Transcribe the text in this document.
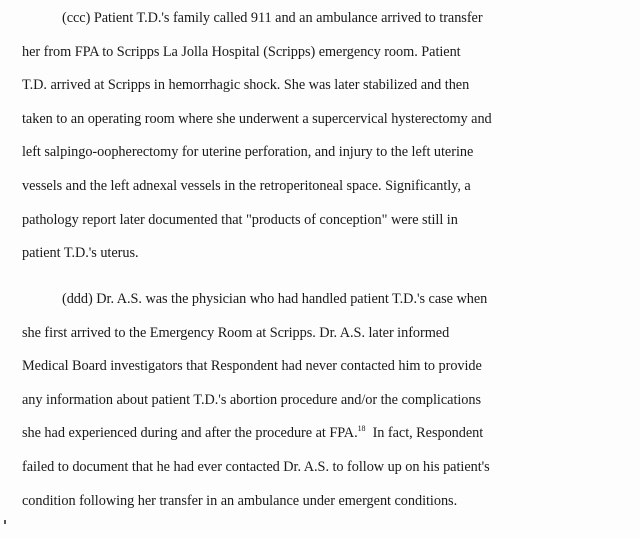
(ccc) Patient T.D.'s family called 911 and an ambulance arrived to transfer
her from FPA to Scripps La Jolla Hospital (Scripps) emergency room. Patient
T.D. arrived at Scripps in hemorrhagic shock. She was later stabilized and then
taken to an operating room where she underwent a supercervical hysterectomy and
left salpingo-oopherectomy for uterine perforation, and injury to the left uterine
vessels and the left adnexal vessels in the retroperitoneal space. Significantly, a
pathology report later documented that "products of conception" were still in
patient T.D.'s uterus.
(ddd) Dr. A.S. was the physician who had handled patient T.D.'s case when
she first arrived to the Emergency Room at Scripps. Dr. A.S. later informed
Medical Board investigators that Respondent had never contacted him to provide
any information about patient T.D.'s abortion procedure and/or the complications
she had experienced during and after the procedure at FPA.$^{18}$ In fact, Respondent
failed to document that he had ever contacted Dr. A.S. to follow up on his patient's
condition following her transfer in an ambulance under emergent conditions.
